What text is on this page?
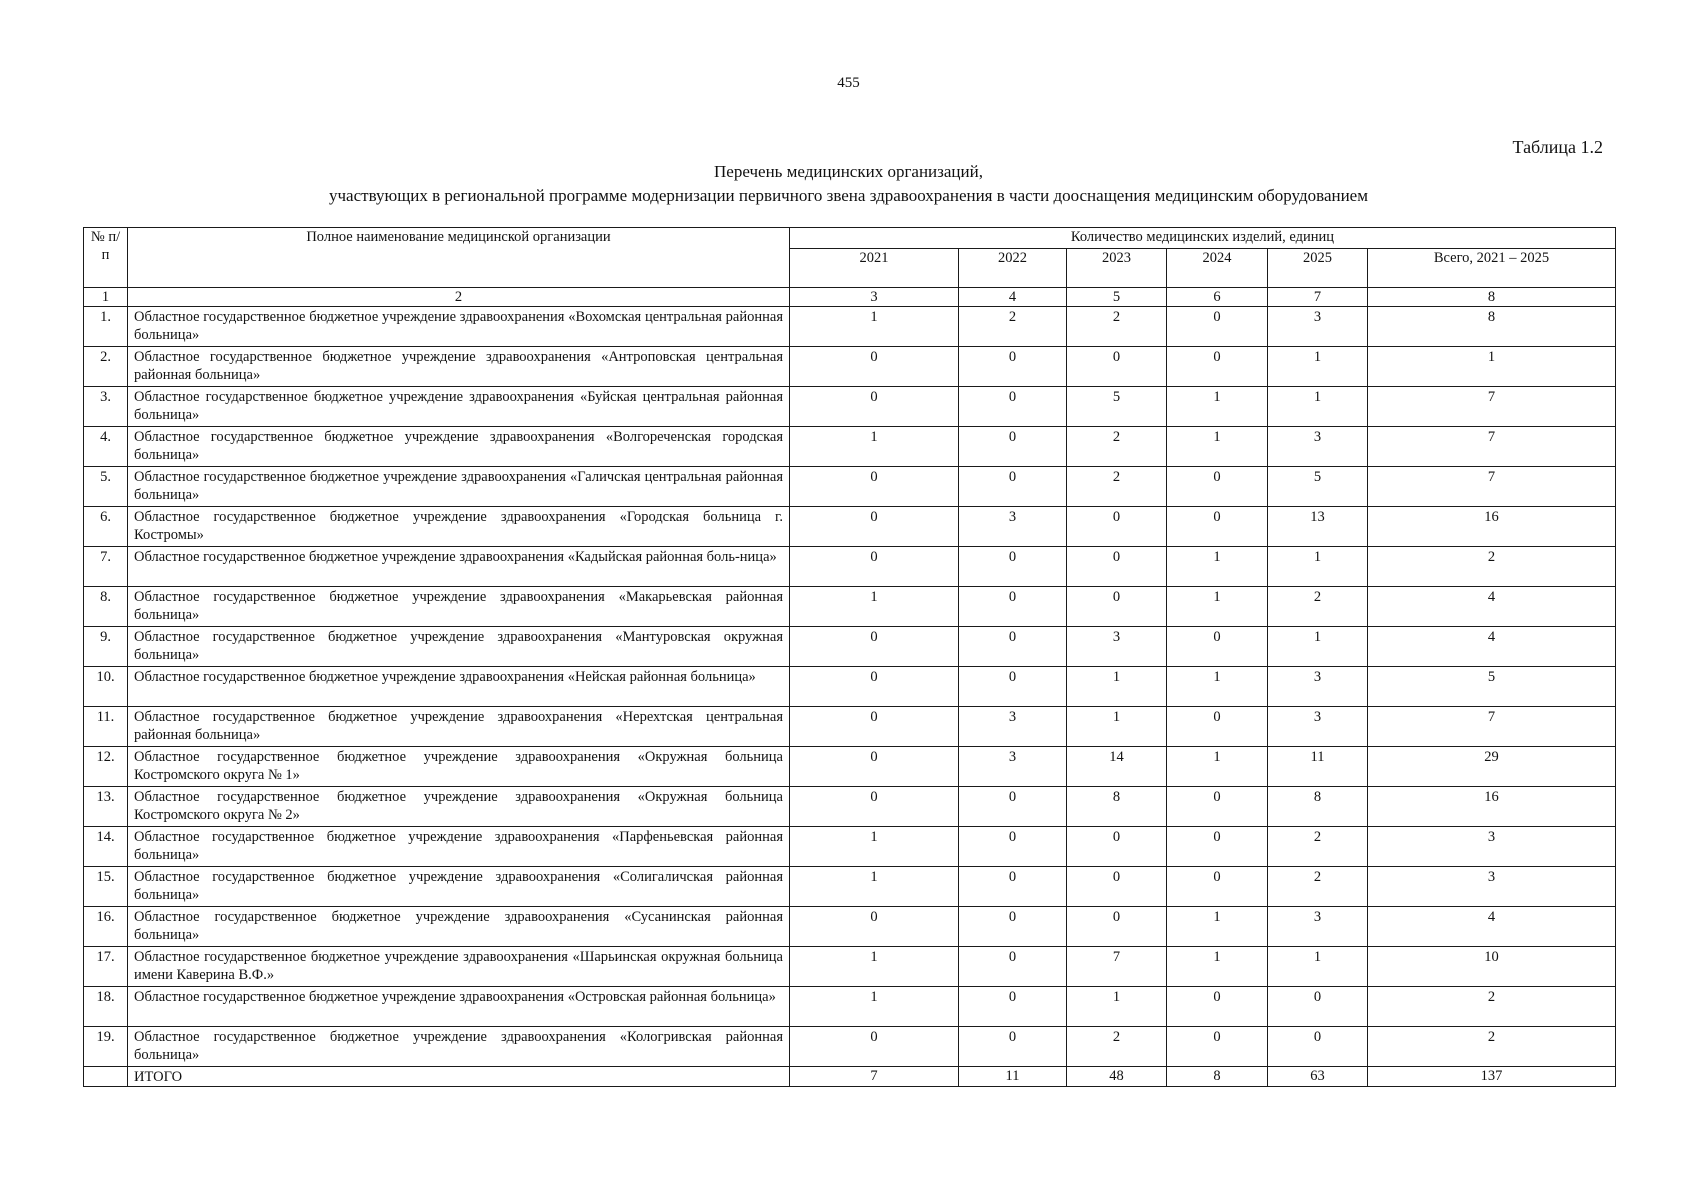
455
Таблица 1.2
Перечень медицинских организаций,
участвующих в региональной программе модернизации первичного звена здравоохранения в части дооснащения медицинским оборудованием
№ п/п	Полное наименование медицинской организации	Количество медицинских изделий, единиц					
		2021	2022	2023	2024	2025	Всего, 2021 – 2025
1	2	3	4	5	6	7	8
1.	Областное государственное бюджетное учреждение здравоохранения «Вохомская центральная районная больница»	1	2	2	0	3	8
2.	Областное государственное бюджетное учреждение здравоохранения «Антроповская центральная районная больница»	0	0	0	0	1	1
3.	Областное государственное бюджетное учреждение здравоохранения «Буйская центральная районная больница»	0	0	5	1	1	7
4.	Областное государственное бюджетное учреждение здравоохранения «Волгореченская городская больница»	1	0	2	1	3	7
5.	Областное государственное бюджетное учреждение здравоохранения «Галичская центральная районная больница»	0	0	2	0	5	7
6.	Областное государственное бюджетное учреждение здравоохранения «Городская больница г. Костромы»	0	3	0	0	13	16
7.	Областное государственное бюджетное учреждение здравоохранения «Кадыйская районная боль-ница»	0	0	0	1	1	2
8.	Областное государственное бюджетное учреждение здравоохранения «Макарьевская районная больница»	1	0	0	1	2	4
9.	Областное государственное бюджетное учреждение здравоохранения «Мантуровская окружная больница»	0	0	3	0	1	4
10.	Областное государственное бюджетное учреждение здравоохранения «Нейская районная больница»	0	0	1	1	3	5
11.	Областное государственное бюджетное учреждение здравоохранения «Нерехтская центральная районная больница»	0	3	1	0	3	7
12.	Областное государственное бюджетное учреждение здравоохранения «Окружная больница Костромского округа № 1»	0	3	14	1	11	29
13.	Областное государственное бюджетное учреждение здравоохранения «Окружная больница Костромского округа № 2»	0	0	8	0	8	16
14.	Областное государственное бюджетное учреждение здравоохранения «Парфеньевская районная больница»	1	0	0	0	2	3
15.	Областное государственное бюджетное учреждение здравоохранения «Солигаличская районная больница»	1	0	0	0	2	3
16.	Областное государственное бюджетное учреждение здравоохранения «Сусанинская районная больница»	0	0	0	1	3	4
17.	Областное государственное бюджетное учреждение здравоохранения «Шарьинская окружная больница имени Каверина В.Ф.»	1	0	7	1	1	10
18.	Областное государственное бюджетное учреждение здравоохранения «Островская районная больница»	1	0	1	0	0	2
19.	Областное государственное бюджетное учреждение здравоохранения «Кологривская районная больница»	0	0	2	0	0	2
	ИТОГО	7	11	48	8	63	137
